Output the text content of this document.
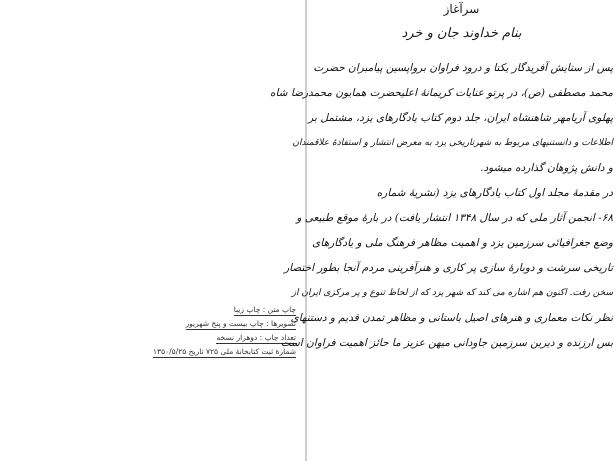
چاپ متن : چاپ زیبا
تصویرها : چاپ بیست و پنج شهریور
تعداد چاپ : دوهزار نسخه
شمارهٔ ثبت کتابخانهٔ ملی ۷۲۵ تاریخ ۱۳۵۰/۵/۲۵
سرآغاز
بنام خداوند جان و خرد
پس از ستایش آفریدگار یکتا و درود فراوان برواپسین پیامبران حضرت
محمد مصطفی (ص)، در پرتو عنایات کریمانهٔ اعلیحضرت همایون محمدرضا شاه
پهلوی آریامهر شاهنشاه ایران، جلد دوم کتاب یادگارهای یزد، مشتمل بر
اطلاعات و دانستنیهای مربوط به شهرتاریخی یزد به معرض انتشار و استفادهٔ علاقمندان
و دانش پژوهان گذارده میشود.
در مقدمهٔ مجلد اول کتاب یادگارهای یزد (نشریهٔ شماره
۶۸- انجمن آثار ملی که در سال ۱۳۴۸ انتشار یافت) در بارهٔ موقع طبیعی و
وضع جغرافیائی سرزمین یزد و اهمیت مظاهر فرهنگ ملی و یادگارهای
تاریخی سرشت و دوبارهٔ سازی پر کاری و هنرآفرینی مردم آنجا بطور اختصار
سخن رفت. اکنون هم اشاره می کند که شهر یزد که از لحاظ تنوع و پر مرکزی ایران از
نظر نکات معماری و هنرهای اصیل باستانی و مظاهر تمدن قدیم و دستنهای
بس ارزنده و دیرین سرزمین جاودانی میهن عزیز ما حائز اهمیت فراوان است
